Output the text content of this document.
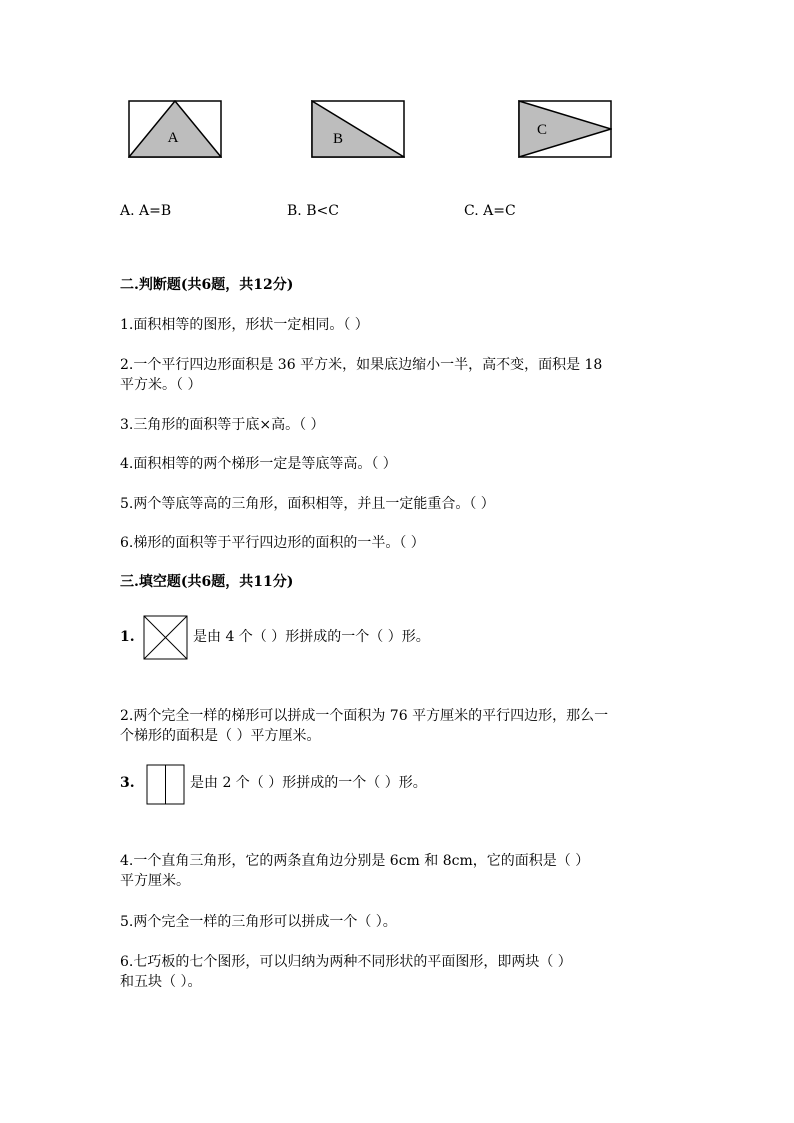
A	B
C
A. A=B	B. B<C	C. A=C
二.判断题(共6题，共12分)
1.面积相等的图形，形状一定相同。（ ）
2.一个平行四边形面积是 36 平方米，如果底边缩小一半，高不变，面积是 18
平方米。（ ）
3.三角形的面积等于底×高。（ ）
4.面积相等的两个梯形一定是等底等高。（ ）
5.两个等底等高的三角形，面积相等，并且一定能重合。（ ）
6.梯形的面积等于平行四边形的面积的一半。（ ）
三.填空题(共6题，共11分)
1.	是由 4 个（ ）形拼成的一个（ ）形。
2.两个完全一样的梯形可以拼成一个面积为 76 平方厘米的平行四边形，那么一
个梯形的面积是（ ）平方厘米。
3.	是由 2 个（ ）形拼成的一个（ ）形。
4.一个直角三角形，它的两条直角边分别是 6cm 和 8cm，它的面积是（ ）
平方厘米。
5.两个完全一样的三角形可以拼成一个（ ）。
6.七巧板的七个图形，可以归纳为两种不同形状的平面图形，即两块（ ）
和五块（ ）。
